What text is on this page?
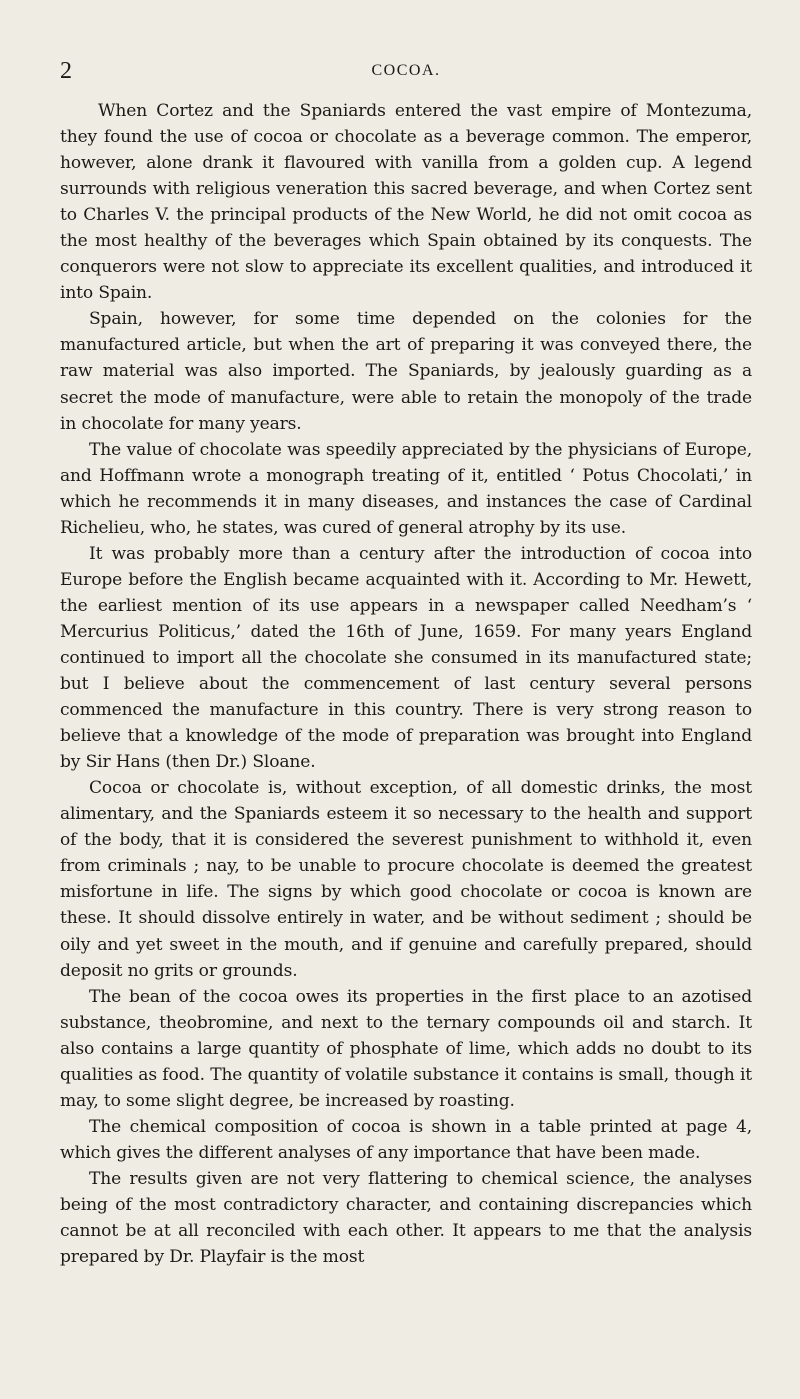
2	COCOA.

When Cortez and the Spaniards entered the vast empire of Montezuma, they found the use of cocoa or chocolate as a beverage common. The emperor, however, alone drank it flavoured with vanilla from a golden cup. A legend surrounds with religious veneration this sacred beverage, and when Cortez sent to Charles V. the principal products of the New World, he did not omit cocoa as the most healthy of the beverages which Spain obtained by its conquests. The conquerors were not slow to appreciate its excellent qualities, and introduced it into Spain.

Spain, however, for some time depended on the colonies for the manufactured article, but when the art of preparing it was conveyed there, the raw material was also imported. The Spaniards, by jealously guarding as a secret the mode of manufacture, were able to retain the monopoly of the trade in chocolate for many years.

The value of chocolate was speedily appreciated by the physicians of Europe, and Hoffmann wrote a monograph treating of it, entitled ‘ Potus Chocolati,’ in which he recommends it in many diseases, and instances the case of Cardinal Richelieu, who, he states, was cured of general atrophy by its use.

It was probably more than a century after the introduction of cocoa into Europe before the English became acquainted with it. According to Mr. Hewett, the earliest mention of its use appears in a newspaper called Needham’s ‘ Mercurius Politicus,’ dated the 16th of June, 1659. For many years England continued to import all the chocolate she consumed in its manufactured state; but I believe about the commencement of last century several persons commenced the manufacture in this country. There is very strong reason to believe that a knowledge of the mode of preparation was brought into England by Sir Hans (then Dr.) Sloane.

Cocoa or chocolate is, without exception, of all domestic drinks, the most alimentary, and the Spaniards esteem it so necessary to the health and support of the body, that it is considered the severest punishment to withhold it, even from criminals ; nay, to be unable to procure chocolate is deemed the greatest misfortune in life. The signs by which good chocolate or cocoa is known are these. It should dissolve entirely in water, and be without sediment ; should be oily and yet sweet in the mouth, and if genuine and carefully prepared, should deposit no grits or grounds.

The bean of the cocoa owes its properties in the first place to an azotised substance, theobromine, and next to the ternary compounds oil and starch. It also contains a large quantity of phosphate of lime, which adds no doubt to its qualities as food. The quantity of volatile substance it contains is small, though it may, to some slight degree, be increased by roasting.

The chemical composition of cocoa is shown in a table printed at page 4, which gives the different analyses of any importance that have been made.

The results given are not very flattering to chemical science, the analyses being of the most contradictory character, and containing discrepancies which cannot be at all reconciled with each other. It appears to me that the analysis prepared by Dr. Playfair is the most
